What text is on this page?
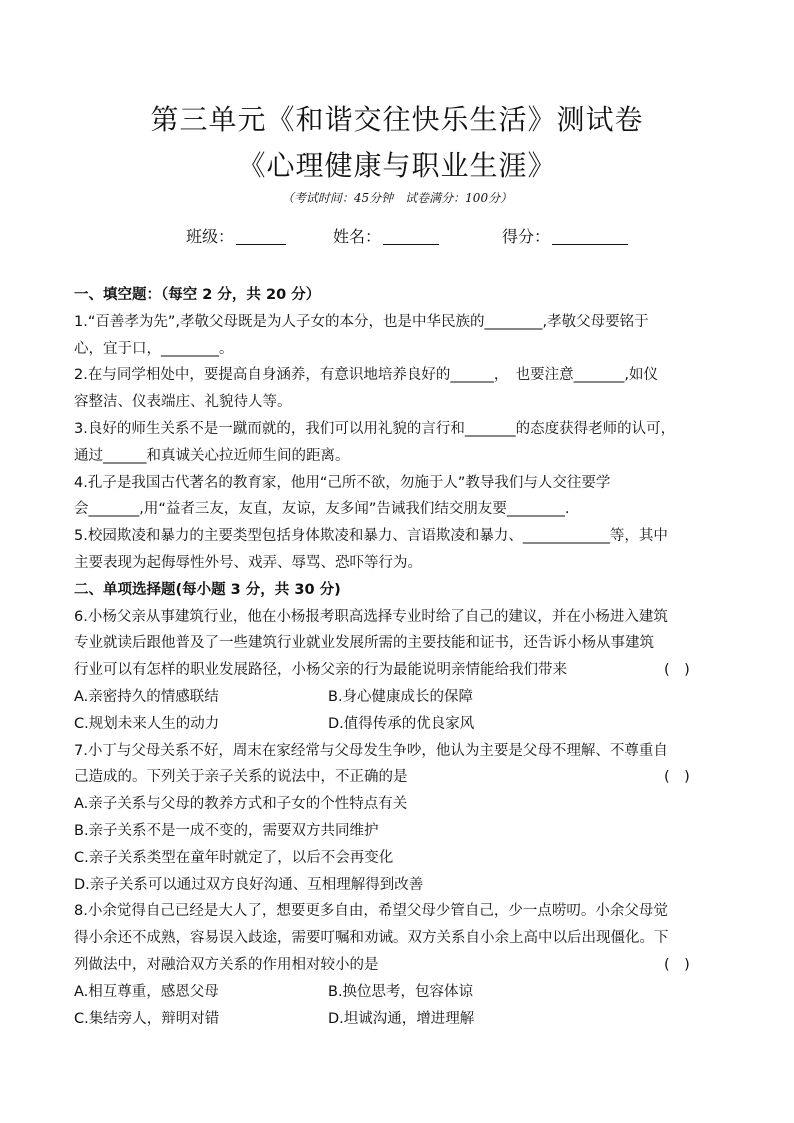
第三单元《和谐交往快乐生活》测试卷
《心理健康与职业生涯》
（考试时间：45分钟　试卷满分：100分）
班级：	姓名：	得分：
一、填空题：（每空 2 分，共 20 分）
1.“百善孝为先”,孝敬父母既是为人子女的本分，也是中华民族的________,孝敬父母要铭于
心，宜于口，________。
2.在与同学相处中，要提高自身涵养，有意识地培养良好的______，　也要注意_______,如仪
容整洁、仪表端庄、礼貌待人等。
3.良好的师生关系不是一蹴而就的，我们可以用礼貌的言行和_______的态度获得老师的认可，
通过______和真诚关心拉近师生间的距离。
4.孔子是我国古代著名的教育家，他用“己所不欲，勿施于人”教导我们与人交往要学
会_______,用“益者三友，友直，友谅，友多闻”告诫我们结交朋友要________.
5.校园欺凌和暴力的主要类型包括身体欺凌和暴力、言语欺凌和暴力、____________等，其中
主要表现为起侮辱性外号、戏弄、辱骂、恐吓等行为。
二、单项选择题(每小题 3 分，共 30 分)
6.小杨父亲从事建筑行业，他在小杨报考职高选择专业时给了自己的建议，并在小杨进入建筑
专业就读后跟他普及了一些建筑行业就业发展所需的主要技能和证书，还告诉小杨从事建筑
行业可以有怎样的职业发展路径，小杨父亲的行为最能说明亲情能给我们带来	(　)
A.亲密持久的情感联结	B.身心健康成长的保障
C.规划未来人生的动力	D.值得传承的优良家风
7.小丁与父母关系不好，周末在家经常与父母发生争吵，他认为主要是父母不理解、不尊重自
己造成的。下列关于亲子关系的说法中，不正确的是	(　)
A.亲子关系与父母的教养方式和子女的个性特点有关
B.亲子关系不是一成不变的，需要双方共同维护
C.亲子关系类型在童年时就定了，以后不会再变化
D.亲子关系可以通过双方良好沟通、互相理解得到改善
8.小余觉得自己已经是大人了，想要更多自由，希望父母少管自己，少一点唠叨。小余父母觉
得小余还不成熟，容易误入歧途，需要叮嘱和劝诫。双方关系自小余上高中以后出现僵化。下
列做法中，对融洽双方关系的作用相对较小的是	(　)
A.相互尊重，感恩父母	B.换位思考，包容体谅
C.集结旁人，辩明对错	D.坦诚沟通，增进理解
